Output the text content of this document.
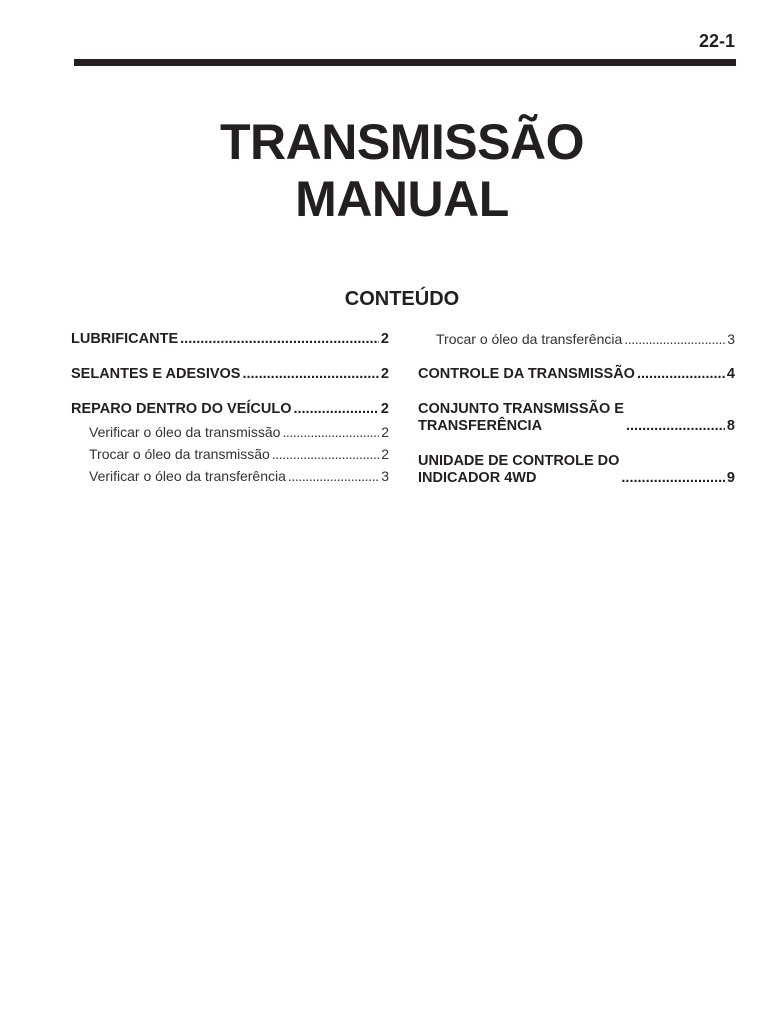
22-1
TRANSMISSÃO
MANUAL
CONTEÚDO
LUBRIFICANTE .....	2
SELANTES E ADESIVOS .....	2
REPARO DENTRO DO VEÍCULO .....	2
Verificar o óleo da transmissão .....	2
Trocar o óleo da transmissão .....	2
Verificar o óleo da transferência .....	3
Trocar o óleo da transferência .....	3
CONTROLE DA TRANSMISSÃO .....	4
CONJUNTO TRANSMISSÃO E
TRANSFERÊNCIA .....	8
UNIDADE DE CONTROLE DO
INDICADOR 4WD .....	9
